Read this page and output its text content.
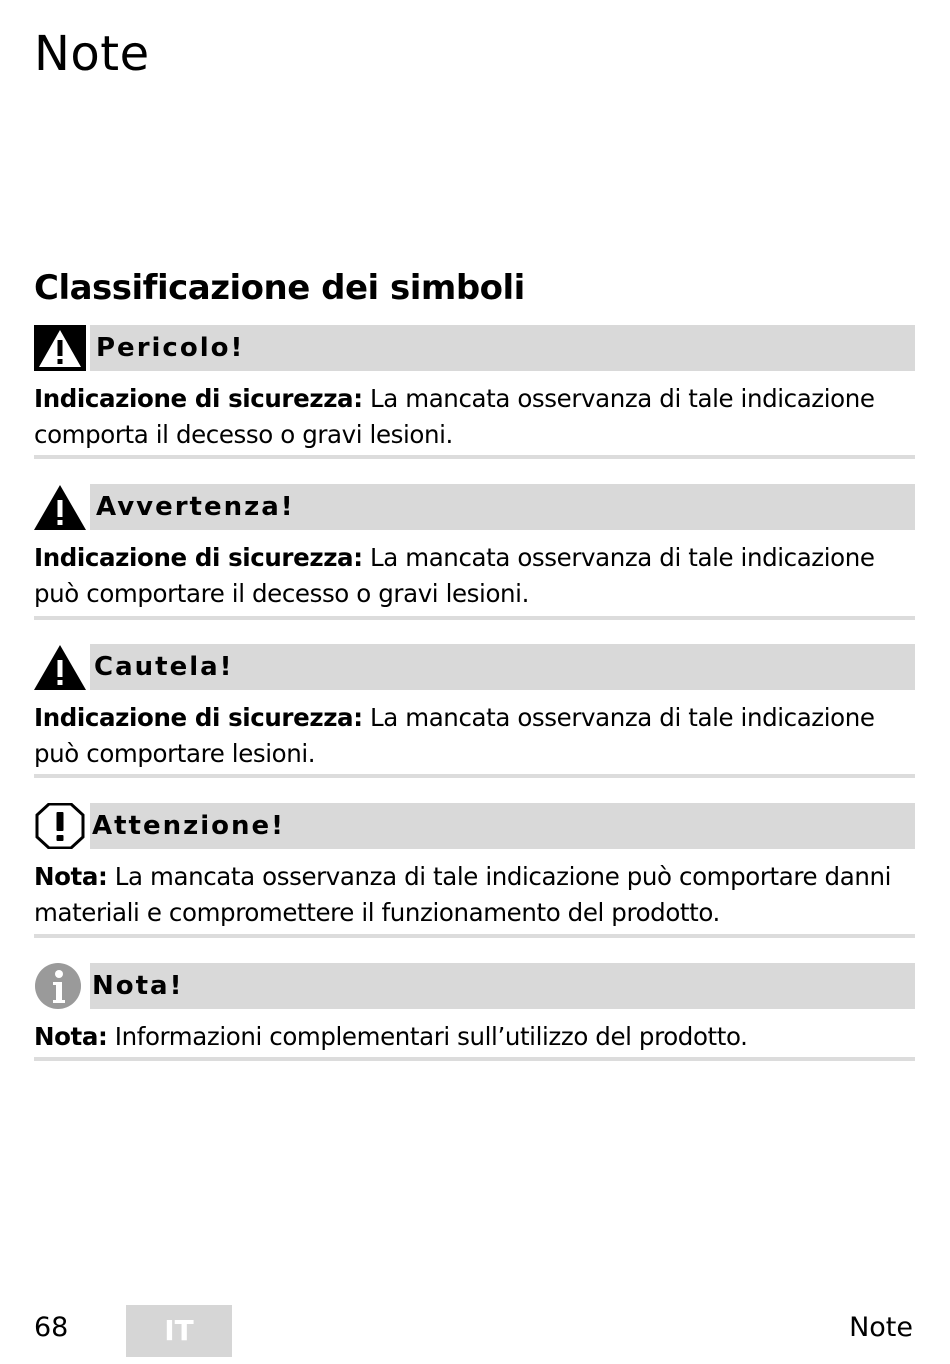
Note
Classificazione dei simboli
Pericolo!
Indicazione di sicurezza: La mancata osservanza di tale indicazione comporta il decesso o gravi lesioni.
Avvertenza!
Indicazione di sicurezza: La mancata osservanza di tale indicazione può comportare il decesso o gravi lesioni.
Cautela!
Indicazione di sicurezza: La mancata osservanza di tale indicazione può comportare lesioni.
Attenzione!
Nota: La mancata osservanza di tale indicazione può comportare danni materiali e compromettere il funzionamento del prodotto.
Nota!
Nota: Informazioni complementari sull’utilizzo del prodotto.
68	IT	Note
